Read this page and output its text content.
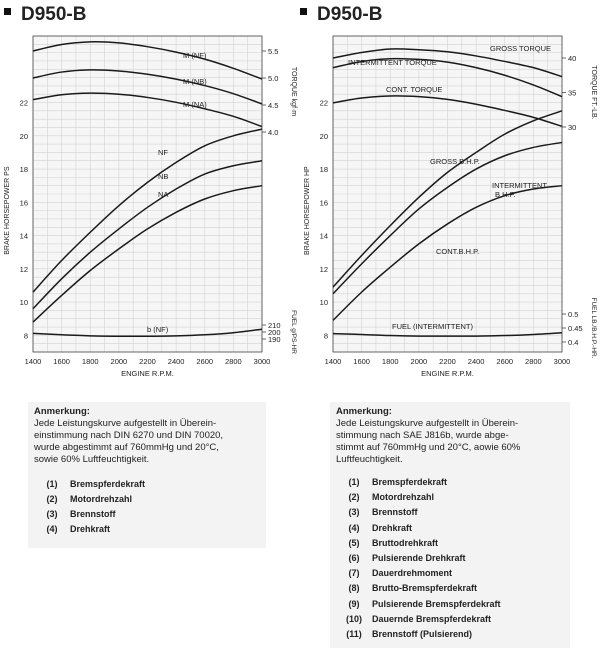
D950-B	D950-B
1400 1600 1800 2000 2200 2400 2600 2800 3000
ENGINE R.P.M.
8
10
12
14
16
18
20
22
BRAKE HORSEPOWER PS
4.0
4.5
5.0
5.5
TORQUE kgf·m
190
200
210 FUEL g/PS-HR
M (NF)
M (NB)
M (NA)
NF
NB
NA
b (NF)
1400 1600 1800 2000 2200 2400 2600 2800 3000
ENGINE R.P.M.
8
10
12
14
16
18
20
22
BRAKE HORSEPOWER HP
30
35
40
TORQUE FT.-LB.
0.4
0.45
0.5 FUEL LB./B.H.P.-HR.
GROSS TORQUE
INTERMITTENT TORQUE
CONT. TORQUE
GROSS B.H.P.
INTERMITTENT B.H.P.
CONT.B.H.P.
FUEL (INTERMITTENT)
Anmerkung:
Jede Leistungskurve aufgestellt in Überein-
einstimmung nach DIN 6270 und DIN 70020,
wurde abgestimmt auf 760mmHg und 20°C,
sowie 60% Luftfeuchtigkeit.
(1)	Bremspferdekraft
(2)	Motordrehzahl
(3)	Brennstoff
(4)	Drehkraft
Anmerkung:
Jede Leistungskurve aufgestellt in Überein-
stimmung nach SAE J816b, wurde abge-
stimmt auf 760mmHg und 20°C, aowie 60%
Luftfeuchtigkeit.
(1)	Bremspferdekraft
(2)	Motordrehzahl
(3)	Brennstoff
(4)	Drehkraft
(5)	Bruttodrehkraft
(6)	Pulsierende Drehkraft
(7)	Dauerdrehmoment
(8)	Brutto-Bremspferdekraft
(9)	Pulsierende Bremspferdekraft
(10)	Dauernde Bremspferdekraft
(11)	Brennstoff (Pulsierend)
